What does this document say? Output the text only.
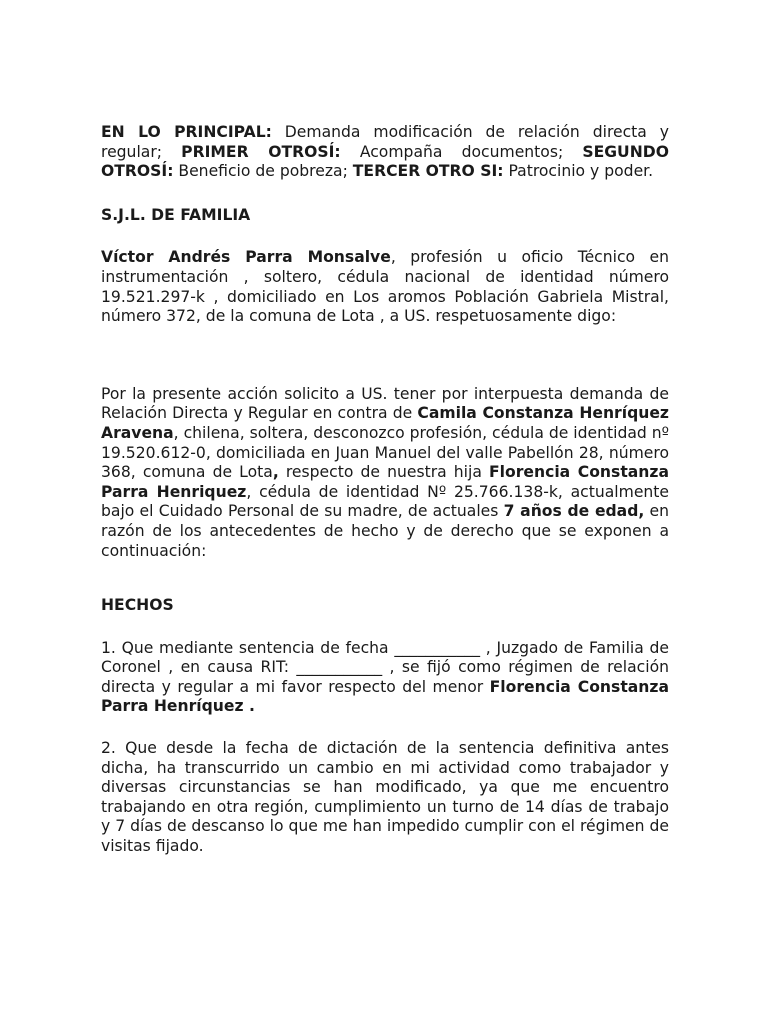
EN LO PRINCIPAL: Demanda modificación de relación directa y regular; PRIMER OTROSÍ: Acompaña documentos; SEGUNDO OTROSÍ: Beneficio de pobreza; TERCER OTRO SI: Patrocinio y poder.

S.J.L. DE FAMILIA

Víctor Andrés Parra Monsalve, profesión u oficio Técnico en instrumentación , soltero, cédula nacional de identidad número 19.521.297-k , domiciliado en Los aromos Población Gabriela Mistral, número 372, de la comuna de Lota , a US. respetuosamente digo:

Por la presente acción solicito a US. tener por interpuesta demanda de Relación Directa y Regular en contra de Camila Constanza Henríquez Aravena, chilena, soltera, desconozco profesión, cédula de identidad nº 19.520.612-0, domiciliada en Juan Manuel del valle Pabellón 28, número 368, comuna de Lota, respecto de nuestra hija Florencia Constanza Parra Henriquez, cédula de identidad Nº 25.766.138-k, actualmente bajo el Cuidado Personal de su madre, de actuales 7 años de edad, en razón de los antecedentes de hecho y de derecho que se exponen a continuación:

HECHOS

1. Que mediante sentencia de fecha ___________ , Juzgado de Familia de Coronel , en causa RIT: ___________ , se fijó como régimen de relación directa y regular a mi favor respecto del menor Florencia Constanza Parra Henríquez .

2. Que desde la fecha de dictación de la sentencia definitiva antes dicha, ha transcurrido un cambio en mi actividad como trabajador y diversas circunstancias se han modificado, ya que me encuentro trabajando en otra región, cumplimiento un turno de 14 días de trabajo y 7 días de descanso lo que me han impedido cumplir con el régimen de visitas fijado.
